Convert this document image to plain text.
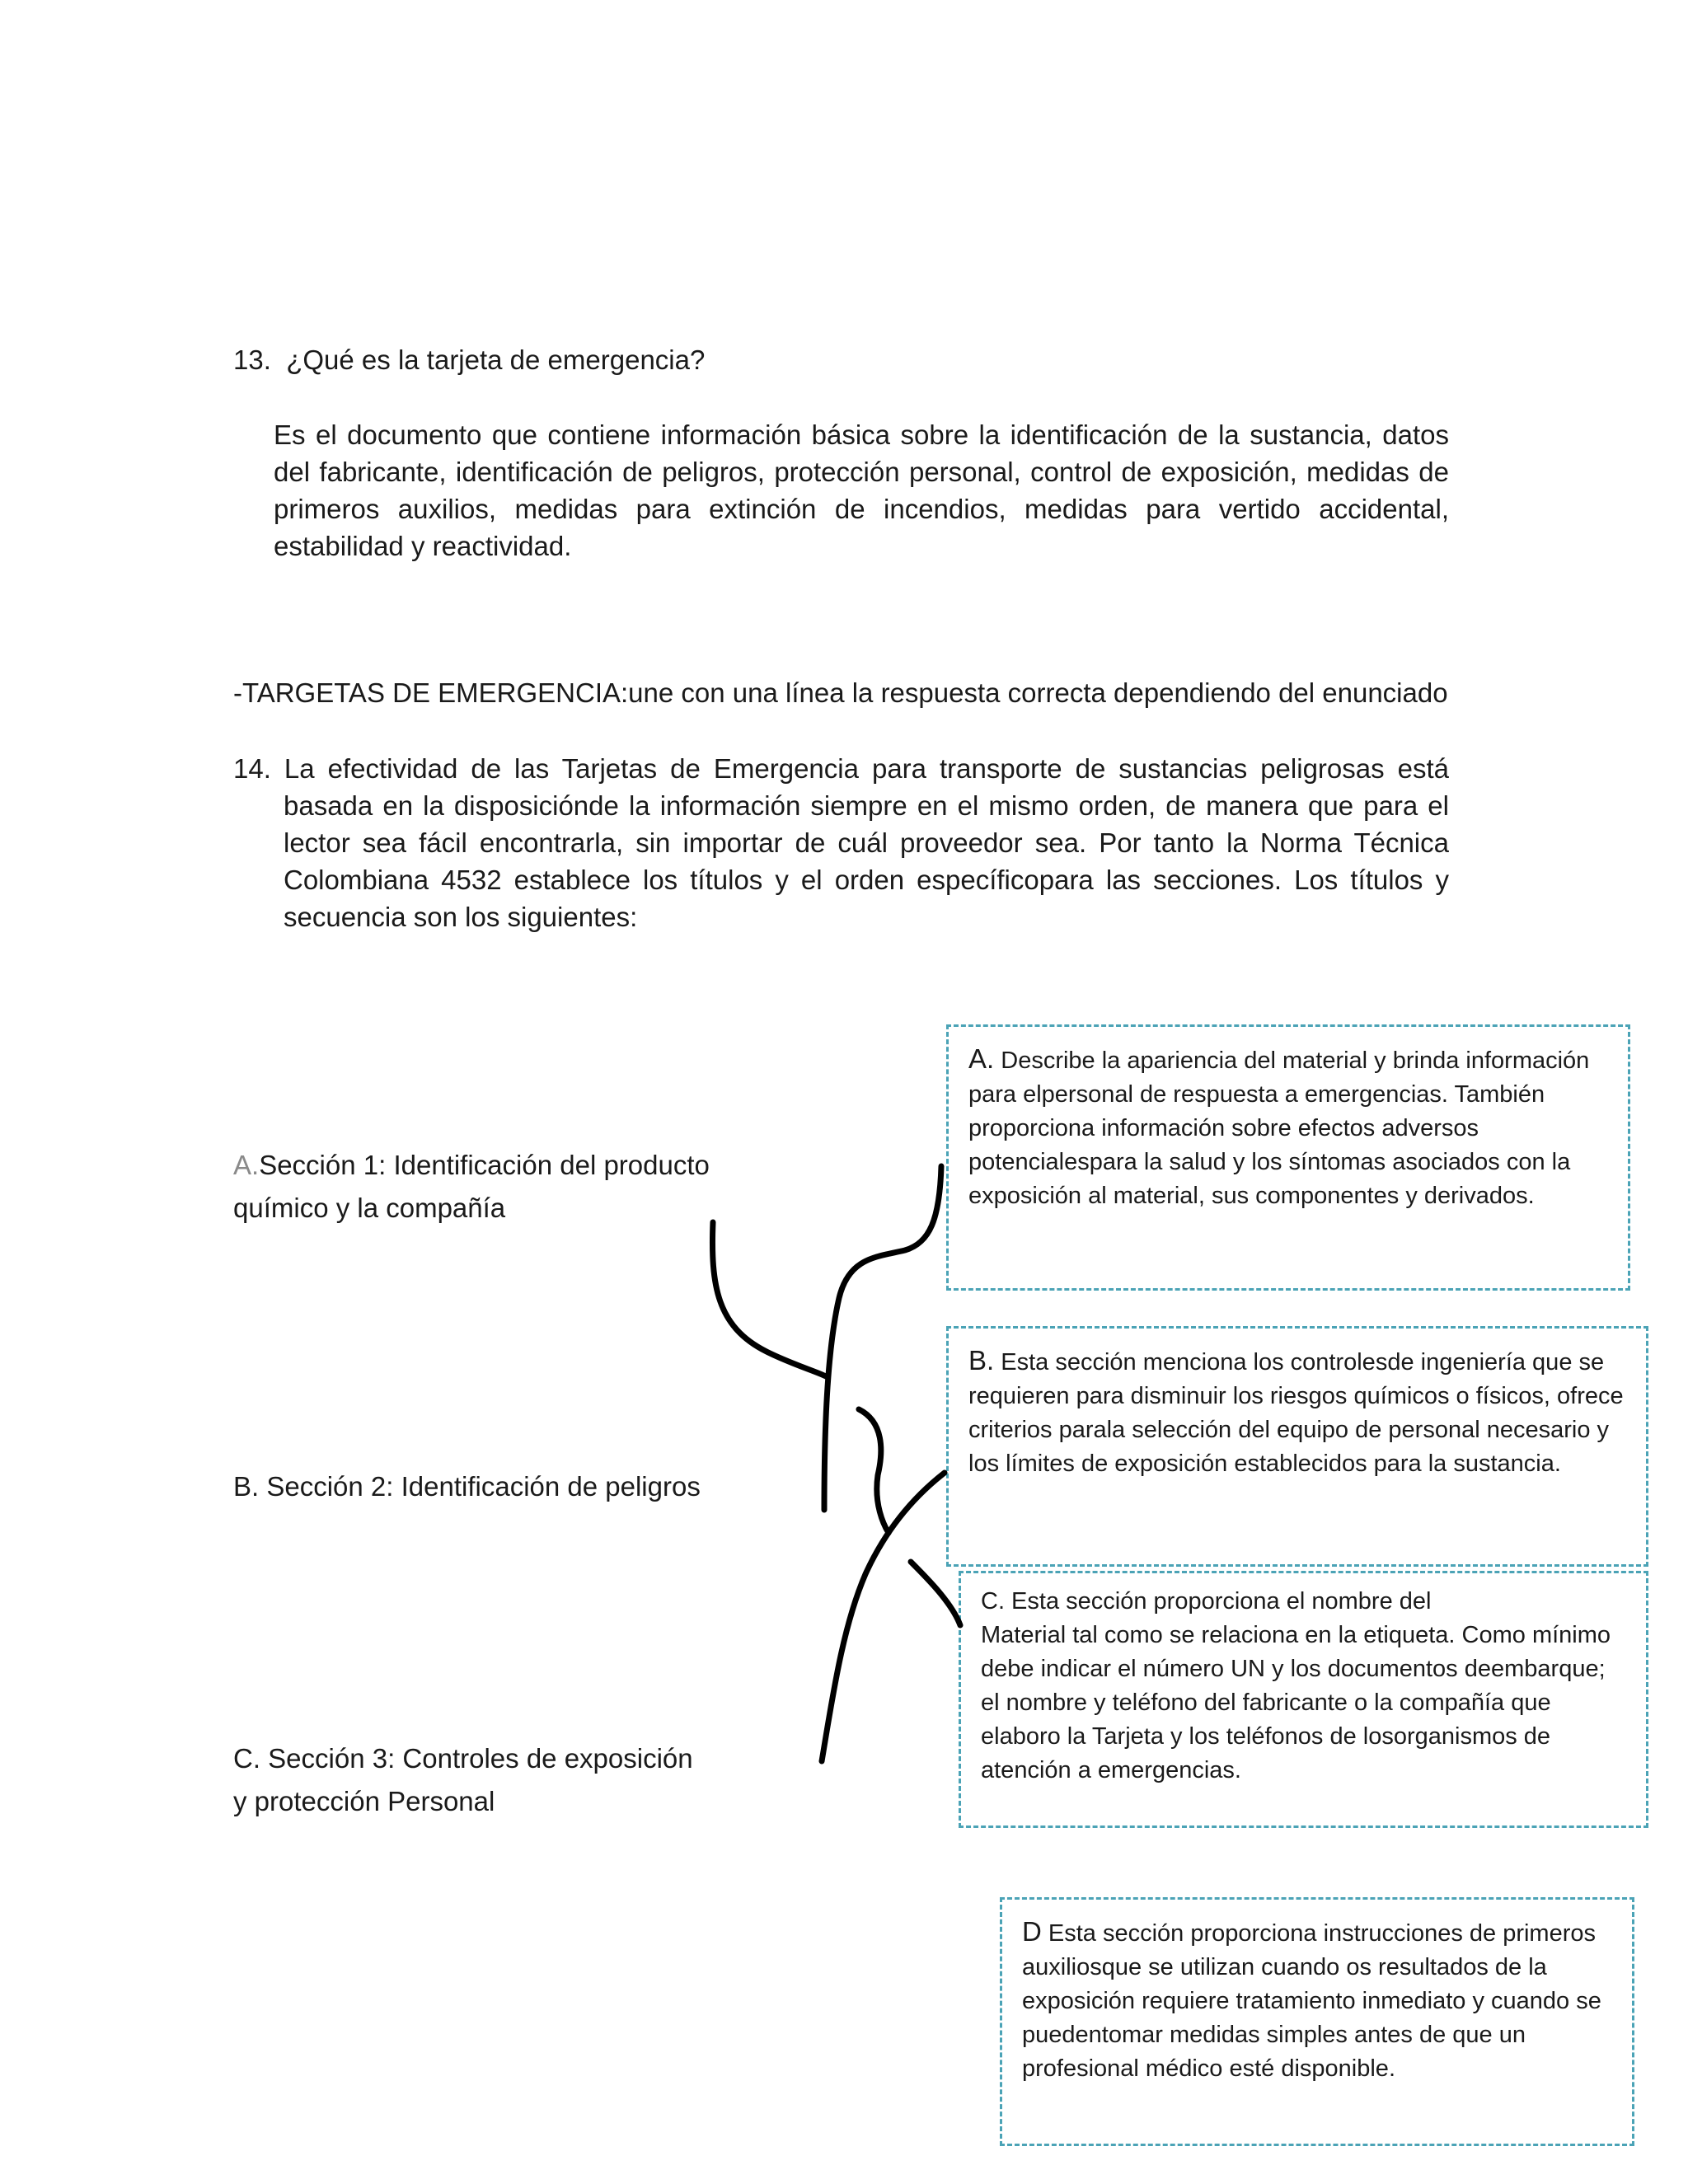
13. ¿Qué es la tarjeta de emergencia?

Es el documento que contiene información básica sobre la identificación de la sustancia, datos del fabricante, identificación de peligros, protección personal, control de exposición, medidas de primeros auxilios, medidas para extinción de incendios, medidas para vertido accidental, estabilidad y reactividad.

-TARGETAS DE EMERGENCIA:une con una línea la respuesta correcta dependiendo del enunciado
14. La efectividad de las Tarjetas de Emergencia para transporte de sustancias peligrosas está
basada en la disposiciónde la información siempre en el mismo orden, de manera que para el lector sea fácil encontrarla, sin importar de cuál proveedor sea. Por tanto la Norma Técnica Colombiana 4532 establece los títulos y el orden específicopara las secciones. Los títulos y secuencia son los siguientes:
A.Sección 1: Identificación del producto
químico y la compañía
B. Sección 2: Identificación de peligros
C. Sección 3: Controles de exposición
y protección Personal
A. Describe la apariencia del material y brinda información para elpersonal de respuesta a emergencias. También proporciona información sobre efectos adversos potencialespara la salud y los síntomas asociados con la exposición al material, sus componentes y derivados.
B. Esta sección menciona los controlesde ingeniería que se requieren para disminuir los riesgos químicos o físicos, ofrece criterios parala selección del equipo de personal necesario y los límites de exposición establecidos para la sustancia.
C. Esta sección proporciona el nombre del
Material tal como se relaciona en la etiqueta. Como mínimo debe indicar el número UN y los documentos deembarque; el nombre y teléfono del fabricante o la compañía que elaboro la Tarjeta y los teléfonos de losorganismos de atención a emergencias.
D Esta sección proporciona instrucciones de primeros auxiliosque se utilizan cuando os resultados de la exposición requiere tratamiento inmediato y cuando se puedentomar medidas simples antes de que un profesional médico esté disponible.
